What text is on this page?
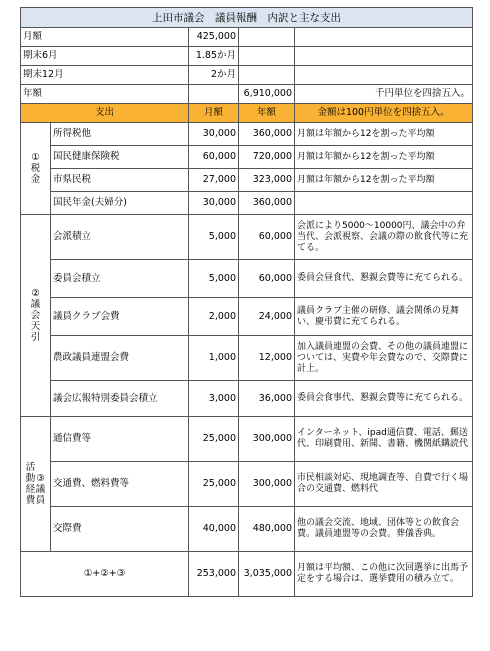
上田市議会　議員報酬　内訳と主な支出				
月額		425,000		
期末6月		1.85か月		
期末12月		2か月		
年額			6,910,000	千円単位を四捨五入。
支出		月額	年額	金額は100円単位を四捨五入。
①税金	所得税他	30,000	360,000	月額は年額から12を割った平均額
	国民健康保険税	60,000	720,000	月額は年額から12を割った平均額
	市県民税	27,000	323,000	月額は年額から12を割った平均額
	国民年金(夫婦分)	30,000	360,000	
②議会天引	会派積立	5,000	60,000	会派により5000～10000円、議会中の弁当代、会派視察、会議の際の飲食代等に充てる。
	委員会積立	5,000	60,000	委員会昼食代、懇親会費等に充てられる。
	議員クラブ会費	2,000	24,000	議員クラブ主催の研修、議会関係の見舞い、慶弔費に充てられる。
	農政議員連盟会費	1,000	12,000	加入議員連盟の会費、その他の議員連盟については、実費や年会費なので、交際費に計上。
	議会広報特別委員会積立	3,000	36,000	委員会食事代、懇親会費等に充てられる。
活動経費③議員	通信費等	25,000	300,000	インターネット、ipad通信費、電話、郵送代、印刷費用、新聞、書籍、機関紙購読代
	交通費、燃料費等	25,000	300,000	市民相談対応、現地調査等、自費で行く場合の交通費、燃料代
	交際費	40,000	480,000	他の議会交流、地域、団体等との飲食会費。議員連盟等の会費。葬儀香典。
①+②+③		253,000	3,035,000	月額は平均額、この他に次回選挙に出馬予定をする場合は、選挙費用の積み立て。
